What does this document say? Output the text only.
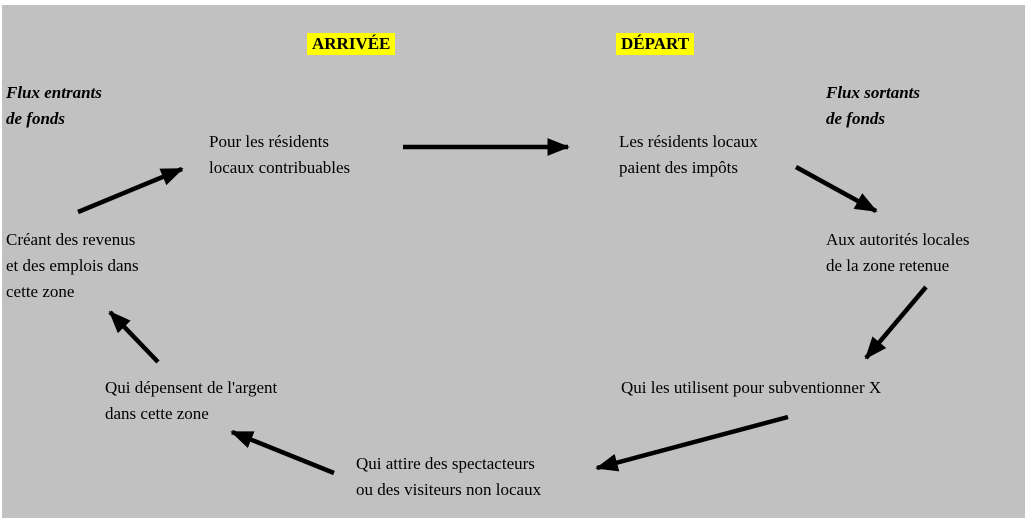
ARRIVÉE	DÉPART
Flux entrants
de fonds
Flux sortants
de fonds
Pour les résidents
locaux contribuables
Les résidents locaux
paient des impôts
Aux autorités locales
de la zone retenue
Qui les utilisent pour subventionner X
Qui attire des spectacteurs
ou des visiteurs non locaux
Qui dépensent de l'argent
dans cette zone
Créant des revenus
et des emplois dans
cette zone
